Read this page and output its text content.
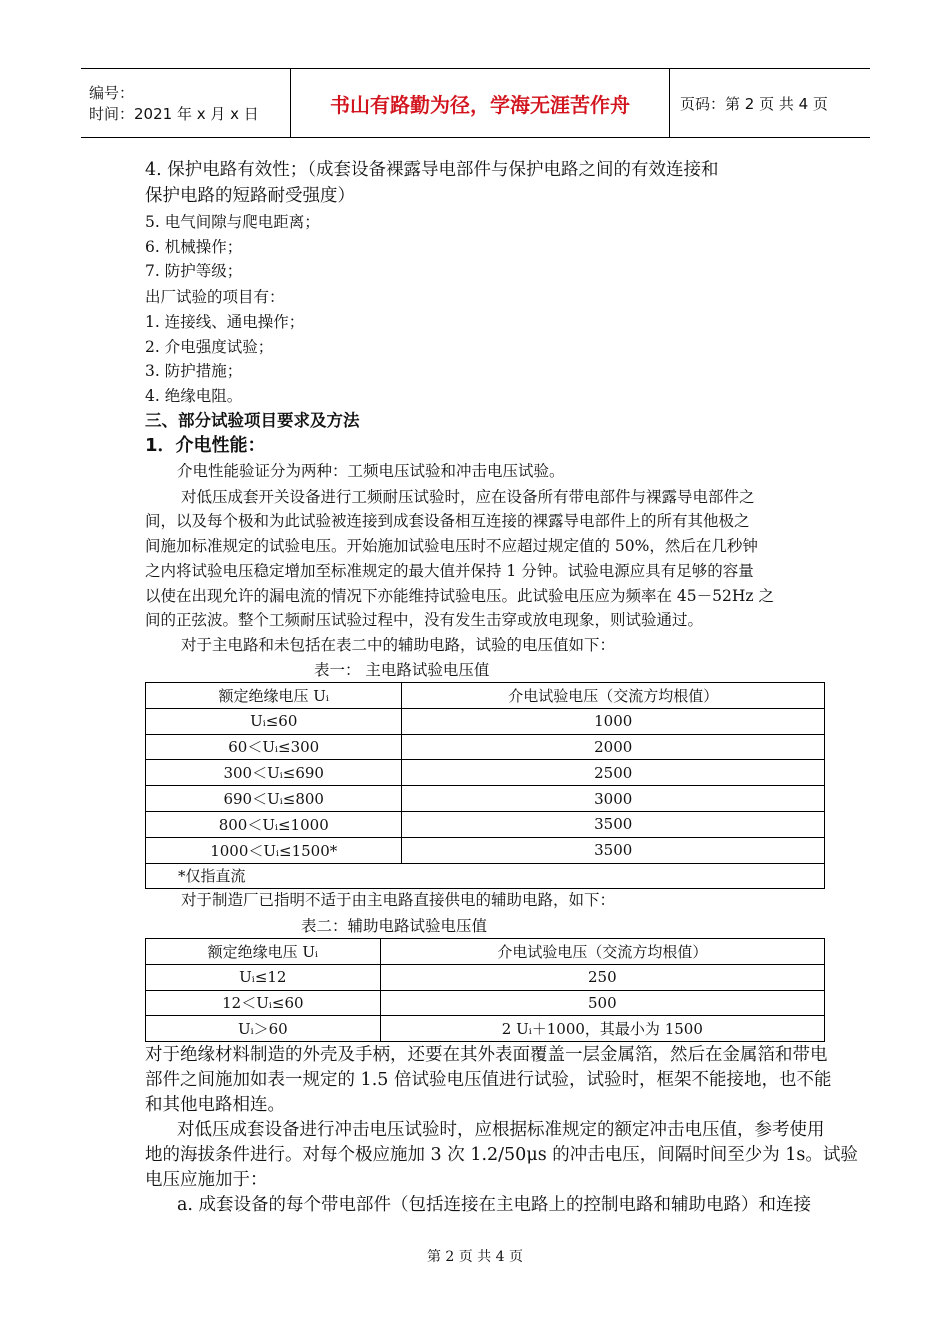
编号：
时间：2021 年 x 月 x 日	书山有路勤为径，学海无涯苦作舟	页码：第 2 页 共 4 页
4. 保护电路有效性；（成套设备裸露导电部件与保护电路之间的有效连接和
保护电路的短路耐受强度）
5. 电气间隙与爬电距离；
6. 机械操作；
7. 防护等级；
出厂试验的项目有：
1. 连接线、通电操作；
2. 介电强度试验；
3. 防护措施；
4. 绝缘电阻。
三、部分试验项目要求及方法
1．介电性能：
介电性能验证分为两种：工频电压试验和冲击电压试验。
对低压成套开关设备进行工频耐压试验时，应在设备所有带电部件与裸露导电部件之
间，以及每个极和为此试验被连接到成套设备相互连接的裸露导电部件上的所有其他极之
间施加标准规定的试验电压。开始施加试验电压时不应超过规定值的 50%，然后在几秒钟
之内将试验电压稳定增加至标准规定的最大值并保持 1 分钟。试验电源应具有足够的容量
以使在出现允许的漏电流的情况下亦能维持试验电压。此试验电压应为频率在 45－52Hz 之
间的正弦波。整个工频耐压试验过程中，没有发生击穿或放电现象，则试验通过。
对于主电路和未包括在表二中的辅助电路，试验的电压值如下：
表一： 主电路试验电压值
额定绝缘电压 Uᵢ	介电试验电压（交流方均根值）
Uᵢ≤60	1000
60＜Uᵢ≤300	2000
300＜Uᵢ≤690	2500
690＜Uᵢ≤800	3000
800＜Uᵢ≤1000	3500
1000＜Uᵢ≤1500*	3500
*仅指直流	
对于制造厂已指明不适于由主电路直接供电的辅助电路，如下：
表二：辅助电路试验电压值
额定绝缘电压 Uᵢ	介电试验电压（交流方均根值）
Uᵢ≤12	250
12＜Uᵢ≤60	500
Uᵢ＞60	2 Uᵢ＋1000，其最小为 1500
对于绝缘材料制造的外壳及手柄，还要在其外表面覆盖一层金属箔，然后在金属箔和带电
部件之间施加如表一规定的 1.5 倍试验电压值进行试验，试验时，框架不能接地，也不能
和其他电路相连。
对低压成套设备进行冲击电压试验时，应根据标准规定的额定冲击电压值，参考使用
地的海拔条件进行。对每个极应施加 3 次 1.2/50μs 的冲击电压，间隔时间至少为 1s。试验
电压应施加于：
a. 成套设备的每个带电部件（包括连接在主电路上的控制电路和辅助电路）和连接
第 2 页 共 4 页
